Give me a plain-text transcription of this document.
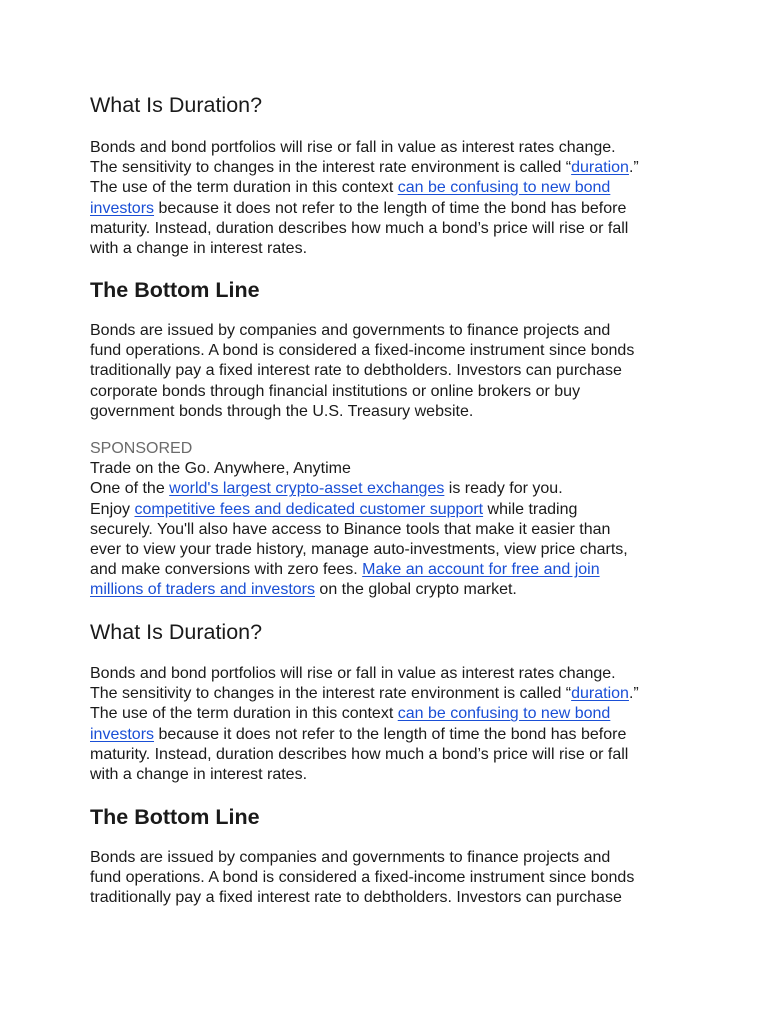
What Is Duration?

Bonds and bond portfolios will rise or fall in value as interest rates change.
The sensitivity to changes in the interest rate environment is called “duration.”
The use of the term duration in this context can be confusing to new bond
investors because it does not refer to the length of time the bond has before
maturity. Instead, duration describes how much a bond’s price will rise or fall
with a change in interest rates.

The Bottom Line

Bonds are issued by companies and governments to finance projects and
fund operations. A bond is considered a fixed-income instrument since bonds
traditionally pay a fixed interest rate to debtholders. Investors can purchase
corporate bonds through financial institutions or online brokers or buy
government bonds through the U.S. Treasury website.

SPONSORED
Trade on the Go. Anywhere, Anytime
One of the world's largest crypto-asset exchanges is ready for you.
Enjoy competitive fees and dedicated customer support while trading
securely. You'll also have access to Binance tools that make it easier than
ever to view your trade history, manage auto-investments, view price charts,
and make conversions with zero fees. Make an account for free and join
millions of traders and investors on the global crypto market.

What Is Duration?

Bonds and bond portfolios will rise or fall in value as interest rates change.
The sensitivity to changes in the interest rate environment is called “duration.”
The use of the term duration in this context can be confusing to new bond
investors because it does not refer to the length of time the bond has before
maturity. Instead, duration describes how much a bond’s price will rise or fall
with a change in interest rates.

The Bottom Line

Bonds are issued by companies and governments to finance projects and
fund operations. A bond is considered a fixed-income instrument since bonds
traditionally pay a fixed interest rate to debtholders. Investors can purchase
